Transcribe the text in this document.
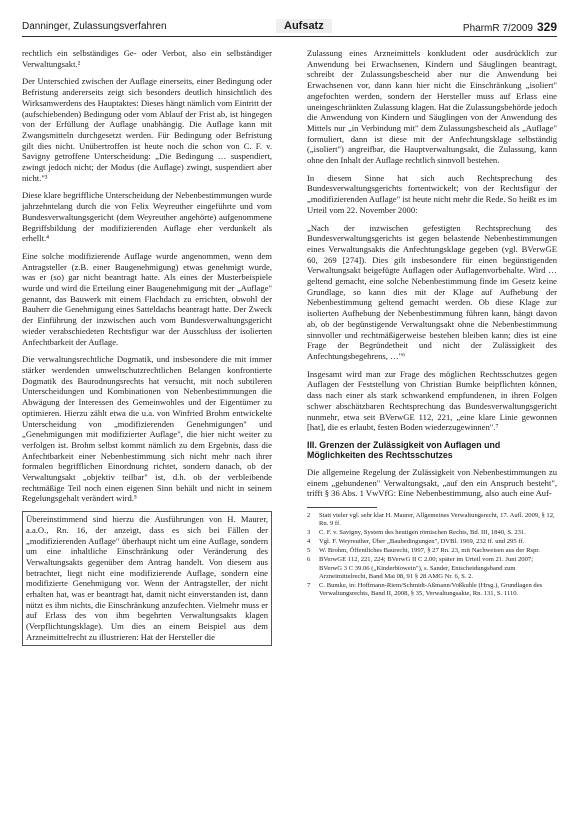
Danninger, Zulassungsverfahren	Aufsatz	PharmR 7/2009 329

rechtlich ein selbständiges Ge- oder Verbot, also ein selbständiger Verwaltungsakt.²

Der Unterschied zwischen der Auflage einerseits, einer Bedingung oder Befristung andererseits zeigt sich besonders deutlich hinsichtlich des Wirksamwerdens des Hauptaktes: Dieses hängt nämlich vom Eintritt der (aufschiebenden) Bedingung oder vom Ablauf der Frist ab, ist hingegen von der Erfüllung der Auflage unabhängig. Die Auflage kann mit Zwangsmitteln durchgesetzt werden. Für Bedingung oder Befristung gilt dies nicht. Unübertroffen ist heute noch die schon von C. F. v. Savigny getroffene Unterscheidung: „Die Bedingung … suspendiert, zwingt jedoch nicht; der Modus (die Auflage) zwingt, suspendiert aber nicht."³

Diese klare begriffliche Unterscheidung der Nebenbestimmungen wurde jahrzehntelang durch die von Felix Weyreuther eingeführte und vom Bundesverwaltungsgericht (dem Weyreuther angehörte) aufgenommene Begriffsbildung der modifizierenden Auflage eher verdunkelt als erhellt.⁴

Eine solche modifizierende Auflage wurde angenommen, wenn dem Antragsteller (z.B. einer Baugenehmigung) etwas genehmigt wurde, was er (so) gar nicht beantragt hatte. Als eines der Musterbeispiele wurde und wird die Erteilung einer Baugenehmigung mit der „Auflage" genannt, das Bauwerk mit einem Flachdach zu errichten, obwohl der Bauherr die Genehmigung eines Satteldachs beantragt hatte. Der Zweck der Einführung der inzwischen auch vom Bundesverwaltungsgericht wieder verabschiedeten Rechtsfigur war der Ausschluss der isolierten Anfechtbarkeit der Auflage.

Die verwaltungsrechtliche Dogmatik, und insbesondere die mit immer stärker werdenden umweltschutzrechtlichen Belangen konfrontierte Dogmatik des Baurodnungsrechts hat versucht, mit noch subtileren Unterscheidungen und Kombinationen von Nebenbestimmungen die Abwägung der Interessen des Gemeinwohles und der Eigentümer zu optimieren. Hierzu zählt etwa die u.a. von Winfried Brohm entwickelte Unterscheidung von „modifizierenden Genehmigungen" und „Genehmigungen mit modifizierter Auflage", die hier nicht weiter zu verfolgen ist. Brohm selbst kommt nämlich zu dem Ergebnis, dass die Anfechtbarkeit einer Nebenbestimmung sich nicht mehr nach ihrer formalen begrifflichen Einordnung richtet, sondern danach, ob der Verwaltungsakt „objektiv teilbar" ist, d.h. ob der verbleibende rechtmäßige Teil noch einen eigenen Sinn behält und nicht in seinem Regelungsgehalt verändert wird.⁵

Übereinstimmend sind hierzu die Ausführungen von H. Maurer, a.a.O., Rn. 16, der anzeigt, dass es sich bei Fällen der „modifizierenden Auflage" überhaupt nicht um eine Auflage, sondern um eine inhaltliche Einschränkung oder Veränderung des Verwaltungsakts gegenüber dem Antrag handelt. Von diesem aus betrachtet, liegt nicht eine modifizierende Auflage, sondern eine modifizierte Genehmigung vor. Wenn der Antragsteller, der nicht erhalten hat, was er beantragt hat, damit nicht einverstanden ist, dann nützt es ihm nichts, die Einschränkung anzufechten. Vielmehr muss er auf Erlass des von ihm begehrten Verwaltungsakts klagen (Verpflichtungsklage). Um dies an einem Beispiel aus dem Arzneimittelrecht zu illustrieren: Hat der Hersteller die

Zulassung eines Arzneimittels konkludent oder ausdrücklich zur Anwendung bei Erwachsenen, Kindern und Säuglingen beantragt, schreibt der Zulassungsbescheid aber nur die Anwendung bei Erwachsenen vor, dann kann hier nicht die Einschränkung „isoliert" angefochten werden, sondern der Hersteller muss auf Erlass eine uneingeschränkten Zulassung klagen. Hat die Zulassungsbehörde jedoch die Anwendung von Kindern und Säuglingen von der Anwendung des Mittels nur „in Verbindung mit" dem Zulassungsbescheid als „Auflage" formuliert, dann ist diese mit der Anfechtungsklage selbständig („isoliert") angreifbar, die Hauptverwaltungsakt, die Zulassung, kann ohne den Inhalt der Auflage rechtlich sinnvoll bestehen.

In diesem Sinne hat sich auch Rechtsprechung des Bundesverwaltungsgerichts fortentwickelt; von der Rechtsfigur der „modifizierenden Auflage" ist heute nicht mehr die Rede. So heißt es im Urteil vom 22. November 2000:

„Nach der inzwischen gefestigten Rechtsprechung des Bundesverwaltungsgerichts ist gegen belastende Nebenbestimmungen eines Verwaltungsakts die Anfechtungsklage gegeben (vgl. BVerwGE 60, 269 [274]). Dies gilt insbesondere für einen begünstigenden Verwaltungsakt beigefügte Auflagen oder Auflagenvorbehalte. Wird … geltend gemacht, eine solche Nebenbestimmung finde im Gesetz keine Grundlage, so kann dies mit der Klage auf Aufhebung der Nebenbestimmung geltend gemacht werden. Ob diese Klage zur isolierten Aufhebung der Nebenbestimmung führen kann, hängt davon ab, ob der begünstigende Verwaltungsakt ohne die Nebenbestimmung sinnvoller und rechtmäßigerweise bestehen bleiben kann; dies ist eine Frage der Begründetheit und nicht der Zulässigkeit des Anfechtungsbegehrens, …"⁶

Insgesamt wird man zur Frage des möglichen Rechtsschutzes gegen Auflagen der Feststellung von Christian Bumke beipflichten können, dass nach einer als stark schwankend empfundenen, in ihren Folgen schwer abschätzbaren Rechtsprechung das Bundesverwaltungsgericht nunmehr, etwa seit BVerwGE 112, 221, „eine klare Linie gewonnen [hat], die es erlaubt, festen Boden wiederzugewinnen".⁷

III. Grenzen der Zulässigkeit von Auflagen und Möglichkeiten des Rechtsschutzes

Die allgemeine Regelung der Zulässigkeit von Nebenbestimmungen zu einem „gebundenen" Verwaltungsakt, „auf den ein Anspruch besteht", trifft § 36 Abs. 1 VwVfG: Eine Nebenbestimmung, also auch eine Auf-

2	Statt vieler vgl. sehr klar H. Maurer, Allgemeines Verwaltungsrecht, 17. Aufl. 2009, § 12, Rn. 9 ff.
3	C. F. v. Savigny, System des heutigen römischen Rechts, Bd. III, 1840, S. 231.
4	Vgl. F. Weyreuther, Über „Baubedingungen", DVBl. 1969, 232 ff. und 295 ff.
5	W. Brohm, Öffentliches Baurecht, 1997, § 27 Rn. 23, mit Nachweisen aus der Rspr.
6	BVerwGE 112, 221, 224; BVerwG II C 2.00; später im Urteil vom 21. Juni 2007; BVerwG 3 C 39.06 („Kinderbiowein"), s. Sander, Entscheidungsband zum Arzneimittelrecht, Band Mai 08, 91 § 28 AMG Nr. 6, S. 2.
7	C. Bumke, in: Hoffmann-Riem/Schmidt-Aßmann/Voßkuhle (Hrsg.), Grundlagen des Verwaltungsrechts, Band II, 2008, § 35, Verwaltungsakte, Rn. 131, S. 1110.
